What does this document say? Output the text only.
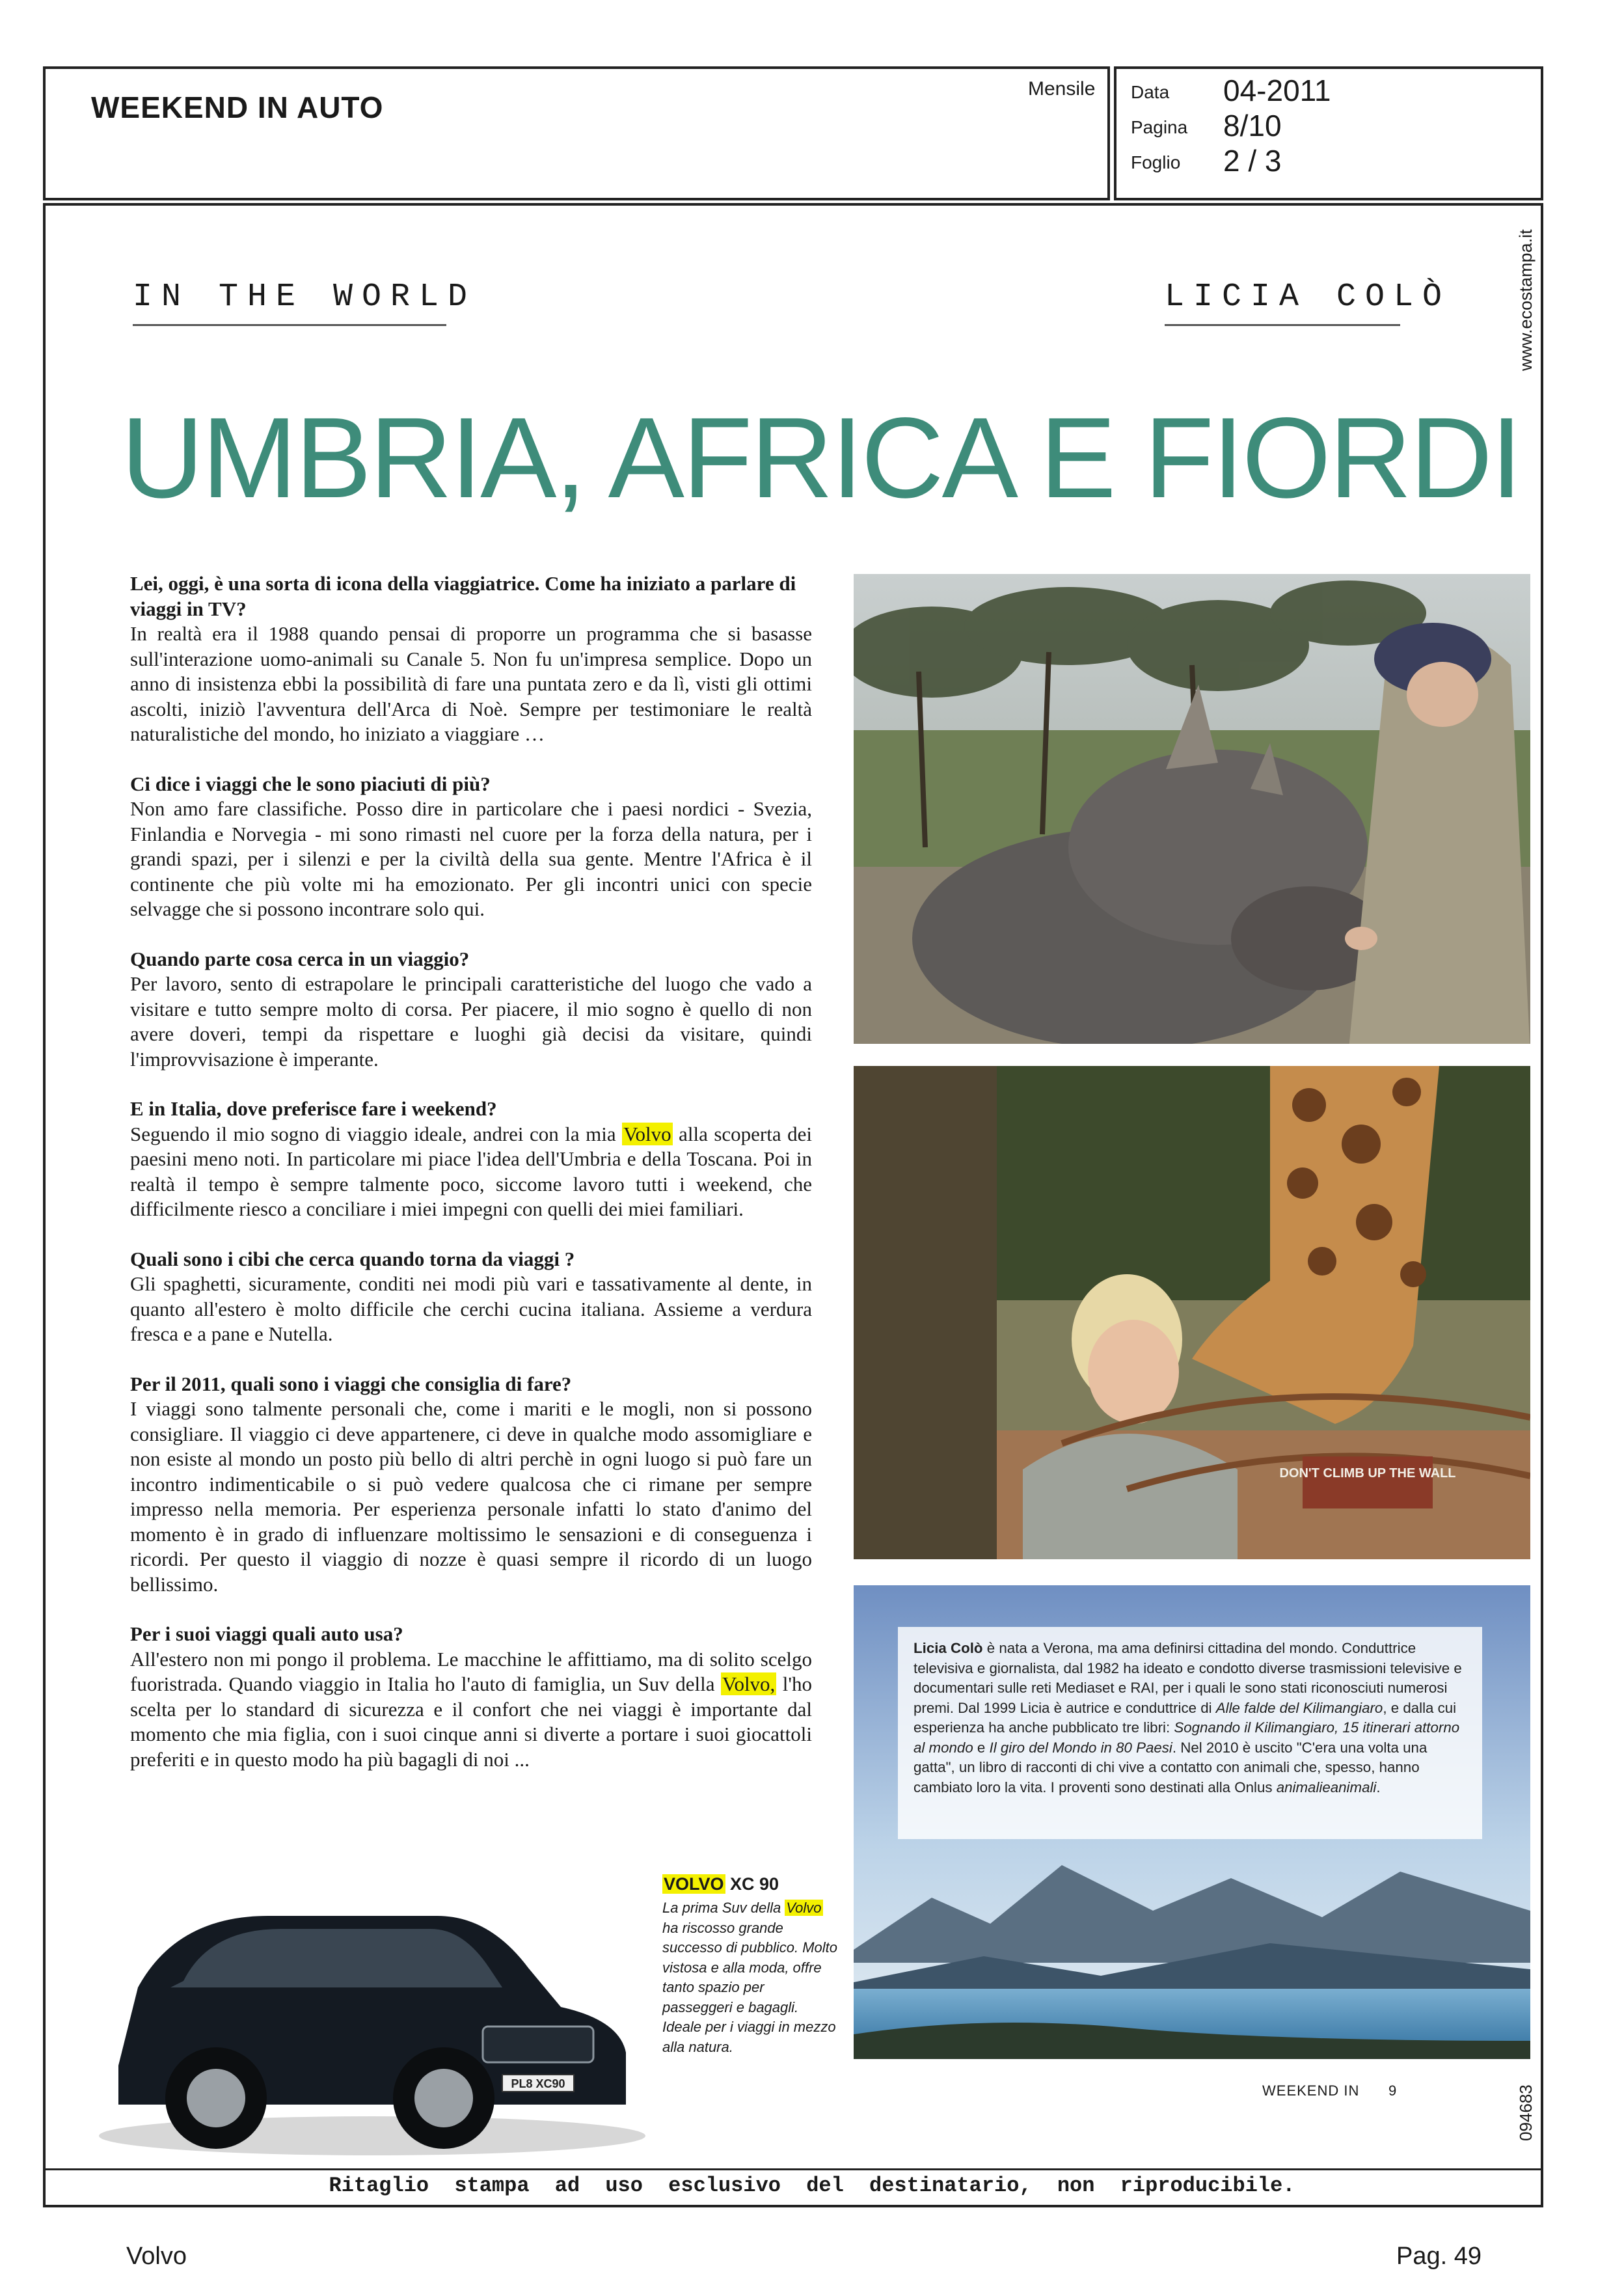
WEEKEND IN AUTO
Mensile Data 04-2011
Pagina 8/10
Foglio 2 / 3
www.ecostampa.it
094683
IN THE WORLD	LICIA COLÒ
UMBRIA, AFRICA E FIORDI

Lei, oggi, è una sorta di icona della viaggiatrice. Come ha iniziato a parlare di viaggi in TV?

In realtà era il 1988 quando pensai di proporre un programma che si basasse sull'interazione uomo-animali su Canale 5. Non fu un'impresa semplice. Dopo un anno di insistenza ebbi la possibilità di fare una puntata zero e da lì, visti gli ottimi ascolti, iniziò l'avventura dell'Arca di Noè. Sempre per testimoniare le realtà naturalistiche del mondo, ho iniziato a viaggiare …

Ci dice i viaggi che le sono piaciuti di più?

Non amo fare classifiche. Posso dire in particolare che i paesi nordici - Svezia, Finlandia e Norvegia - mi sono rimasti nel cuore per la forza della natura, per i grandi spazi, per i silenzi e per la civiltà della sua gente. Mentre l'Africa è il continente che più volte mi ha emozionato. Per gli incontri unici con specie selvagge che si possono incontrare solo qui.

Quando parte cosa cerca in un viaggio?

Per lavoro, sento di estrapolare le principali caratteristiche del luogo che vado a visitare e tutto sempre molto di corsa. Per piacere, il mio sogno è quello di non avere doveri, tempi da rispettare e luoghi già decisi da visitare, quindi l'improvvisazione è imperante.

E in Italia, dove preferisce fare i weekend?

Seguendo il mio sogno di viaggio ideale, andrei con la mia Volvo alla scoperta dei paesini meno noti. In particolare mi piace l'idea dell'Umbria e della Toscana. Poi in realtà il tempo è sempre talmente poco, siccome lavoro tutti i weekend, che difficilmente riesco a conciliare i miei impegni con quelli dei miei familiari.

Quali sono i cibi che cerca quando torna da viaggi ?

Gli spaghetti, sicuramente, conditi nei modi più vari e tassativamente al dente, in quanto all'estero è molto difficile che cerchi cucina italiana. Assieme a verdura fresca e a pane e Nutella.

Per il 2011, quali sono i viaggi che consiglia di fare?

I viaggi sono talmente personali che, come i mariti e le mogli, non si possono consigliare. Il viaggio ci deve appartenere, ci deve in qualche modo assomigliare e non esiste al mondo un posto più bello di altri perchè in ogni luogo si può fare un incontro indimenticabile o si può vedere qualcosa che ci rimane per sempre impresso nella memoria. Per esperienza personale infatti lo stato d'animo del momento è in grado di influenzare moltissimo le sensazioni e di conseguenza i ricordi. Per questo il viaggio di nozze è quasi sempre il ricordo di un luogo bellissimo.

Per i suoi viaggi quali auto usa?

All'estero non mi pongo il problema. Le macchine le affittiamo, ma di solito scelgo fuoristrada. Quando viaggio in Italia ho l'auto di famiglia, un Suv della Volvo, l'ho scelta per lo standard di sicurezza e il confort che nei viaggi è importante dal momento che mia figlia, con i suoi cinque anni si diverte a portare i suoi giocattoli preferiti e in questo modo ha più bagagli di noi ...

DON'T CLIMB UP THE WALL
Licia Colò è nata a Verona, ma ama definirsi cittadina del mondo. Conduttrice televisiva e giornalista, dal 1982 ha ideato e condotto diverse trasmissioni televisive e documentari sulle reti Mediaset e RAI, per i quali le sono stati riconosciuti numerosi premi. Dal 1999 Licia è autrice e conduttrice di Alle falde del Kilimangiaro, e dalla cui esperienza ha anche pubblicato tre libri: Sognando il Kilimangiaro, 15 itinerari attorno al mondo e Il giro del Mondo in 80 Paesi. Nel 2010 è uscito "C'era una volta una gatta", un libro di racconti di chi vive a contatto con animali che, spesso, hanno cambiato loro la vita. I proventi sono destinati alla Onlus animalieanimali.
PL8 XC90
VOLVO XC 90
La prima Suv della Volvo ha riscosso grande successo di pubblico. Molto vistosa e alla moda, offre tanto spazio per passeggeri e bagagli. Ideale per i viaggi in mezzo alla natura.
WEEKEND IN 9
Ritaglio stampa ad uso esclusivo del destinatario, non riproducibile.
Volvo	Pag. 49
